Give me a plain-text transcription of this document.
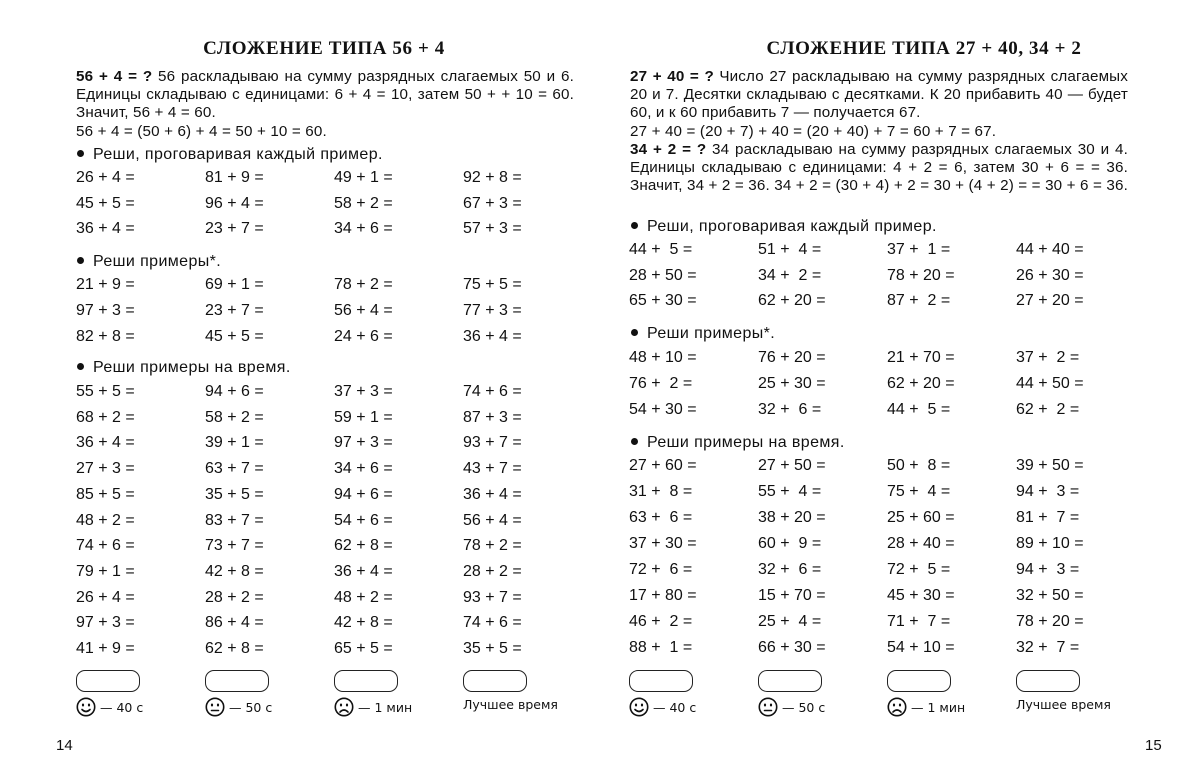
СЛОЖЕНИЕ ТИПА 56 + 4

56 + 4 = ? 56 раскладываю на сумму разрядных слагаемых 50 и 6. Единицы складываю с единицами: 6 + 4 = 10, затем 50 + + 10 = 60. Значит, 56 + 4 = 60.

56 + 4 = (50 + 6) + 4 = 50 + 10 = 60.

Реши, проговаривая каждый пример.
26 + 4 =	81 + 9 =	49 + 1 =	92 + 8 =
45 + 5 =	96 + 4 =	58 + 2 =	67 + 3 =
36 + 4 =	23 + 7 =	34 + 6 =	57 + 3 =
Реши примеры*.
21 + 9 =	69 + 1 =	78 + 2 =	75 + 5 =
97 + 3 =	23 + 7 =	56 + 4 =	77 + 3 =
82 + 8 =	45 + 5 =	24 + 6 =	36 + 4 =
Реши примеры на время.
55 + 5 =	94 + 6 =	37 + 3 =	74 + 6 =
68 + 2 =	58 + 2 =	59 + 1 =	87 + 3 =
36 + 4 =	39 + 1 =	97 + 3 =	93 + 7 =
27 + 3 =	63 + 7 =	34 + 6 =	43 + 7 =
85 + 5 =	35 + 5 =	94 + 6 =	36 + 4 =
48 + 2 =	83 + 7 =	54 + 6 =	56 + 4 =
74 + 6 =	73 + 7 =	62 + 8 =	78 + 2 =
79 + 1 =	42 + 8 =	36 + 4 =	28 + 2 =
26 + 4 =	28 + 2 =	48 + 2 =	93 + 7 =
97 + 3 =	86 + 4 =	42 + 8 =	74 + 6 =
41 + 9 =	62 + 8 =	65 + 5 =	35 + 5 =
— 40 с	— 50 с	— 1 мин	Лучшее время
14
СЛОЖЕНИЕ ТИПА 27 + 40, 34 + 2

27 + 40 = ? Число 27 раскладываю на сумму разрядных слагаемых 20 и 7. Десятки складываю с десятками. К 20 прибавить 40 — будет 60, и к 60 прибавить 7 — получается 67.

27 + 40 = (20 + 7) + 40 = (20 + 40) + 7 = 60 + 7 = 67.

34 + 2 = ? 34 раскладываю на сумму разрядных слагаемых 30 и 4. Единицы складываю с единицами: 4 + 2 = 6, затем 30 + 6 = = 36. Значит, 34 + 2 = 36. 34 + 2 = (30 + 4) + 2 = 30 + (4 + 2) = = 30 + 6 = 36.

Реши, проговаривая каждый пример.
44 +  5 =	51 +  4 =	37 +  1 =	44 + 40 =
28 + 50 =	34 +  2 =	78 + 20 =	26 + 30 =
65 + 30 =	62 + 20 =	87 +  2 =	27 + 20 =
Реши примеры*.
48 + 10 =	76 + 20 =	21 + 70 =	37 +  2 =
76 +  2 =	25 + 30 =	62 + 20 =	44 + 50 =
54 + 30 =	32 +  6 =	44 +  5 =	62 +  2 =
Реши примеры на время.
27 + 60 =	27 + 50 =	50 +  8 =	39 + 50 =
31 +  8 =	55 +  4 =	75 +  4 =	94 +  3 =
63 +  6 =	38 + 20 =	25 + 60 =	81 +  7 =
37 + 30 =	60 +  9 =	28 + 40 =	89 + 10 =
72 +  6 =	32 +  6 =	72 +  5 =	94 +  3 =
17 + 80 =	15 + 70 =	45 + 30 =	32 + 50 =
46 +  2 =	25 +  4 =	71 +  7 =	78 + 20 =
88 +  1 =	66 + 30 =	54 + 10 =	32 +  7 =
— 40 с	— 50 с	— 1 мин	Лучшее время
15
